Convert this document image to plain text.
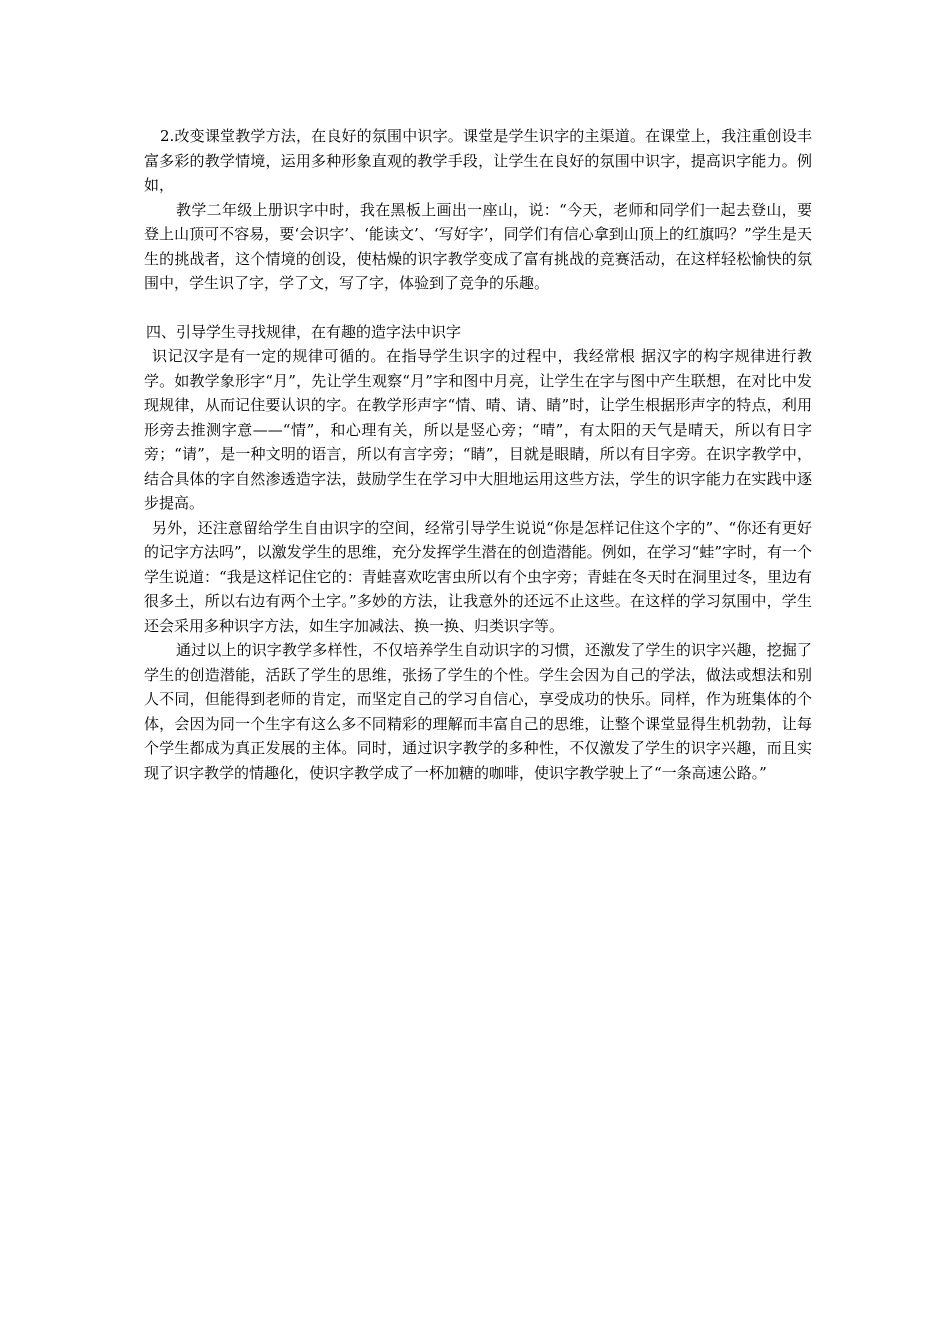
2.改变课堂教学方法，在良好的氛围中识字。课堂是学生识字的主渠道。在课堂上，我注重创设丰富多彩的教学情境，运用多种形象直观的教学手段，让学生在良好的氛围中识字，提高识字能力。例如，

教学二年级上册识字中时，我在黑板上画出一座山，说：“今天，老师和同学们一起去登山，要登上山顶可不容易，要‘会识字’、‘能读文’、‘写好字’，同学们有信心拿到山顶上的红旗吗？”学生是天生的挑战者，这个情境的创设，使枯燥的识字教学变成了富有挑战的竞赛活动，在这样轻松愉快的氛围中，学生识了字，学了文，写了字，体验到了竞争的乐趣。

四、引导学生寻找规律，在有趣的造字法中识字

识记汉字是有一定的规律可循的。在指导学生识字的过程中，我经常根 据汉字的构字规律进行教学。如教学象形字“月”，先让学生观察“月”字和图中月亮，让学生在字与图中产生联想，在对比中发现规律，从而记住要认识的字。在教学形声字“情、晴、请、睛”时，让学生根据形声字的特点，利用形旁去推测字意——“情”，和心理有关，所以是竖心旁；“晴”，有太阳的天气是晴天，所以有日字旁；“请”，是一种文明的语言，所以有言字旁；“睛”，目就是眼睛，所以有目字旁。在识字教学中，结合具体的字自然渗透造字法，鼓励学生在学习中大胆地运用这些方法，学生的识字能力在实践中逐步提高。

另外，还注意留给学生自由识字的空间，经常引导学生说说“你是怎样记住这个字的”、“你还有更好的记字方法吗”，以激发学生的思维，充分发挥学生潜在的创造潜能。例如，在学习“蛙”字时，有一个学生说道：“我是这样记住它的：青蛙喜欢吃害虫所以有个虫字旁；青蛙在冬天时在洞里过冬，里边有很多土，所以右边有两个土字。”多妙的方法，让我意外的还远不止这些。在这样的学习氛围中，学生还会采用多种识字方法，如生字加减法、换一换、归类识字等。

通过以上的识字教学多样性，不仅培养学生自动识字的习惯，还激发了学生的识字兴趣，挖掘了学生的创造潜能，活跃了学生的思维，张扬了学生的个性。学生会因为自己的学法，做法或想法和别人不同，但能得到老师的肯定，而坚定自己的学习自信心，享受成功的快乐。同样，作为班集体的个体，会因为同一个生字有这么多不同精彩的理解而丰富自己的思维，让整个课堂显得生机勃勃，让每个学生都成为真正发展的主体。同时，通过识字教学的多种性，不仅激发了学生的识字兴趣，而且实现了识字教学的情趣化，使识字教学成了一杯加糖的咖啡，使识字教学驶上了“一条高速公路。”
